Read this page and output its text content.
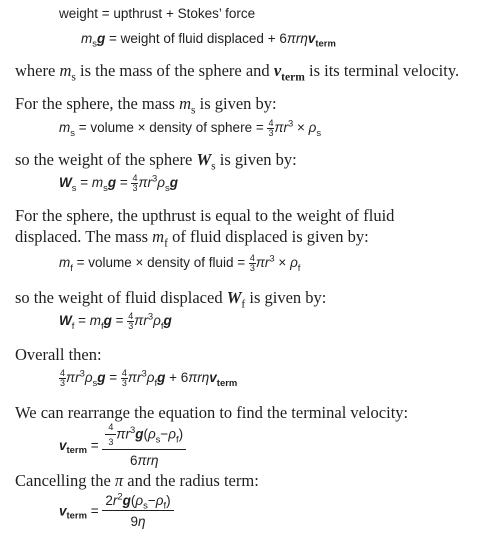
weight = upthrust + Stokes’ force
$m_sg$ = weight of fluid displaced + 6πrηv$_{term}$
where $m_s$ is the mass of the sphere and $v_{term}$ is its terminal velocity.
For the sphere, the mass $m_s$ is given by:
$m_s$ = volume × density of sphere = $\frac{4}{3} \pi r^3 \times \rho_s$
so the weight of the sphere $W_s$ is given by:
$W_s = m_sg = \frac{4}{3} \pi r^3\rho_sg$
For the sphere, the upthrust is equal to the weight of fluid
displaced. The mass $m_f$ of fluid displaced is given by:
$m_f$ = volume × density of fluid = $\frac{4}{3} \pi r^3 \times \rho_f$
so the weight of fluid displaced $W_f$ is given by:
$W_f = m_fg = \frac{4}{3} \pi r^3\rho_fg$
Overall then:
$\frac{4}{3} \pi r^3\rho_sg = \frac{4}{3} \pi r^3\rho_fg + 6\pi r\eta v_{term}$
We can rearrange the equation to find the terminal velocity:
$v_{term} = \frac{\frac{4}{3} \pi r^3g(\rho_s-\rho_f)}{\text{6πrη}}$
Cancelling the π and the radius term:
$v_{term} = \frac{2r^2g(\rho_s-\rho_f)}{9\eta}$
